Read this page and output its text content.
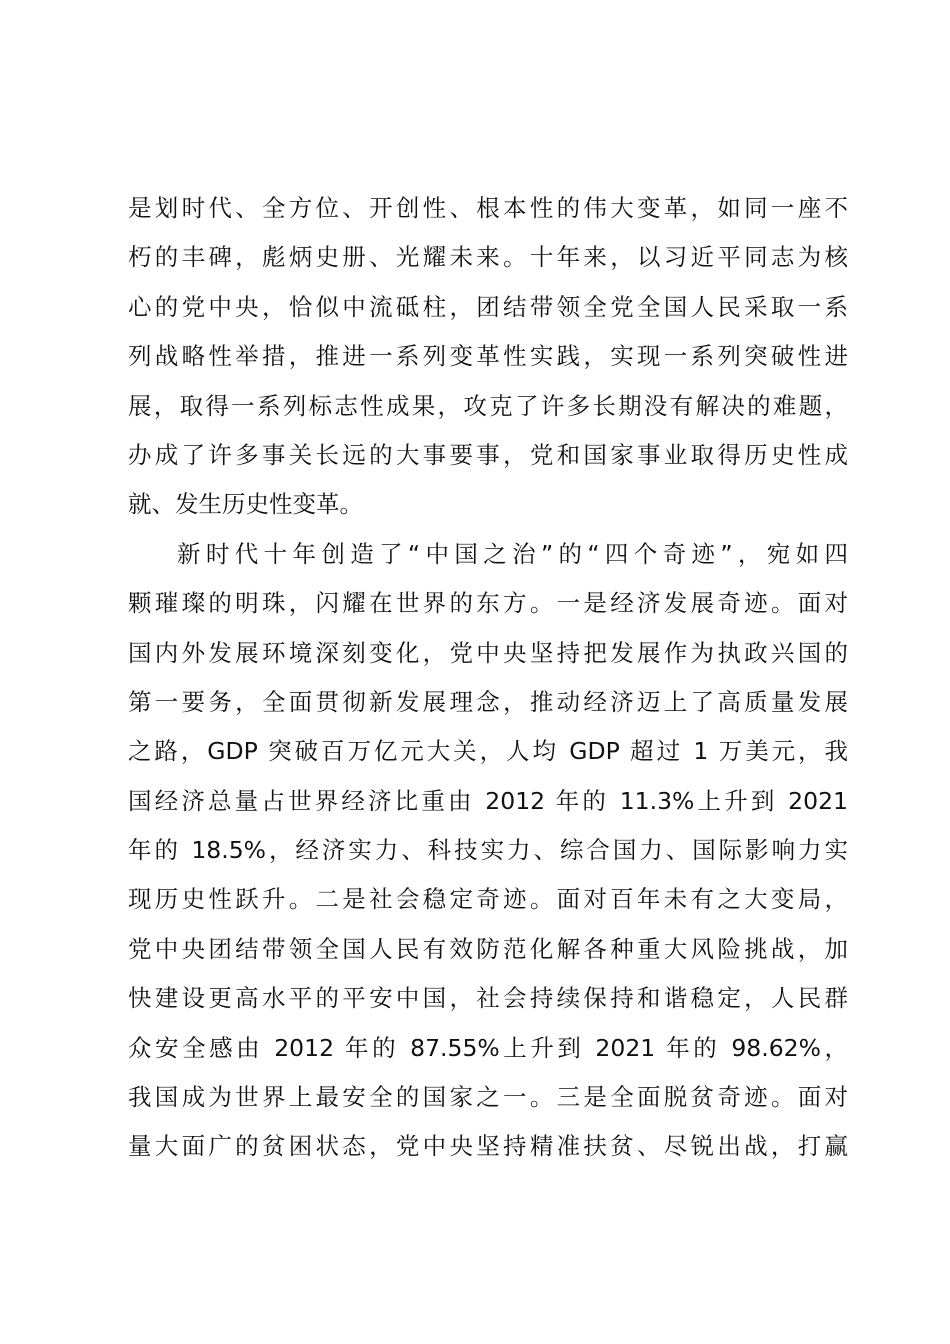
是划时代、全方位、开创性、根本性的伟大变革，如同一座不
朽的丰碑，彪炳史册、光耀未来。十年来，以习近平同志为核
心的党中央，恰似中流砥柱，团结带领全党全国人民采取一系
列战略性举措，推进一系列变革性实践，实现一系列突破性进
展，取得一系列标志性成果，攻克了许多长期没有解决的难题，
办成了许多事关长远的大事要事，党和国家事业取得历史性成
就、发生历史性变革。
新时代十年创造了“中国之治”的“四个奇迹”，宛如四
颗璀璨的明珠，闪耀在世界的东方。一是经济发展奇迹。面对
国内外发展环境深刻变化，党中央坚持把发展作为执政兴国的
第一要务，全面贯彻新发展理念，推动经济迈上了高质量发展
之路，GDP 突破百万亿元大关，人均 GDP 超过 1 万美元，我
国经济总量占世界经济比重由 2012 年的 11.3%上升到 2021
年的 18.5%，经济实力、科技实力、综合国力、国际影响力实
现历史性跃升。二是社会稳定奇迹。面对百年未有之大变局，
党中央团结带领全国人民有效防范化解各种重大风险挑战，加
快建设更高水平的平安中国，社会持续保持和谐稳定，人民群
众安全感由 2012 年的 87.55%上升到 2021 年的 98.62%，
我国成为世界上最安全的国家之一。三是全面脱贫奇迹。面对
量大面广的贫困状态，党中央坚持精准扶贫、尽锐出战，打赢
